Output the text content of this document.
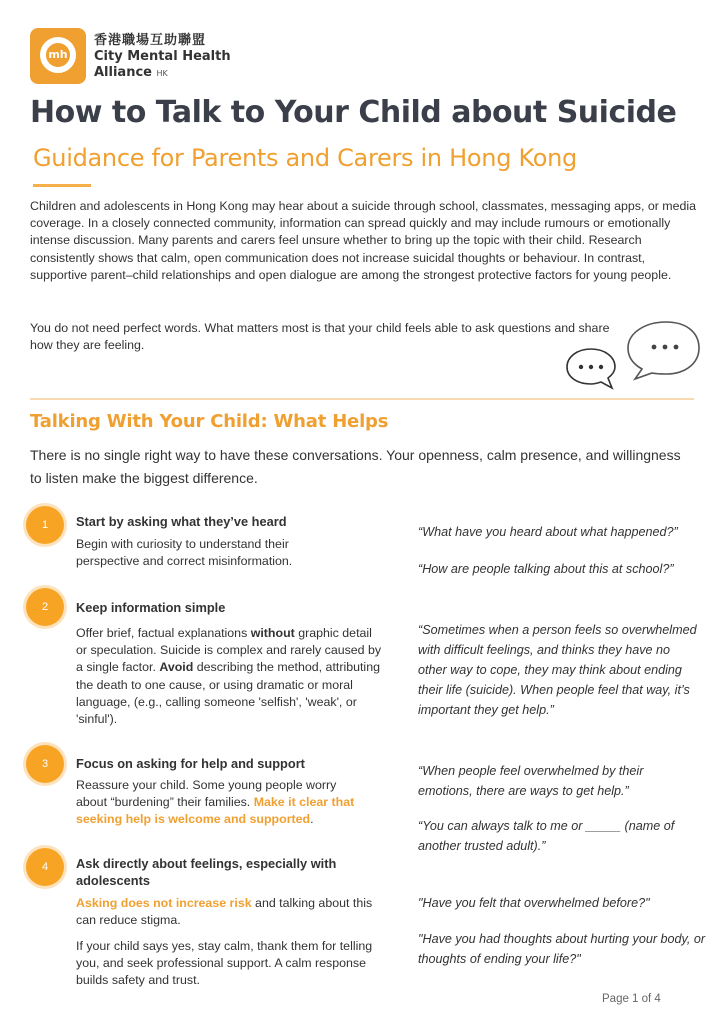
mh
香港職場互助聯盟
City Mental Health
Alliance HK
How to Talk to Your Child about Suicide
Guidance for Parents and Carers in Hong Kong

Children and adolescents in Hong Kong may hear about a suicide through school, classmates, messaging apps, or media coverage. In a closely connected community, information can spread quickly and may include rumours or emotionally intense discussion. Many parents and carers feel unsure whether to bring up the topic with their child. Research consistently shows that calm, open communication does not increase suicidal thoughts or behaviour. In contrast, supportive parent–child relationships and open dialogue are among the strongest protective factors for young people.

You do not need perfect words. What matters most is that your child feels able to ask questions and share how they are feeling.

Talking With Your Child: What Helps

There is no single right way to have these conversations. Your openness, calm presence, and willingness to listen make the biggest difference.

1	Start by asking what they’ve heard
Begin with curiosity to understand their perspective and correct misinformation.
“What have you heard about what happened?”
“How are people talking about this at school?”
2	Keep information simple
Offer brief, factual explanations without graphic detail or speculation. Suicide is complex and rarely caused by a single factor. Avoid describing the method, attributing the death to one cause, or using dramatic or moral language, (e.g., calling someone 'selfish', 'weak', or 'sinful').
“Sometimes when a person feels so overwhelmed with difficult feelings, and thinks they have no other way to cope, they may think about ending their life (suicide). When people feel that way, it’s important they get help.”
3	Focus on asking for help and support
Reassure your child. Some young people worry about “burdening” their families. Make it clear that seeking help is welcome and supported.
“When people feel overwhelmed by their emotions, there are ways to get help.”
“You can always talk to me or _____ (name of another trusted adult).”
4	Ask directly about feelings, especially with adolescents
Asking does not increase risk and talking about this can reduce stigma.
If your child says yes, stay calm, thank them for telling you, and seek professional support. A calm response builds safety and trust.
"Have you felt that overwhelmed before?"
"Have you had thoughts about hurting your body, or thoughts of ending your life?"
Page 1 of 4
